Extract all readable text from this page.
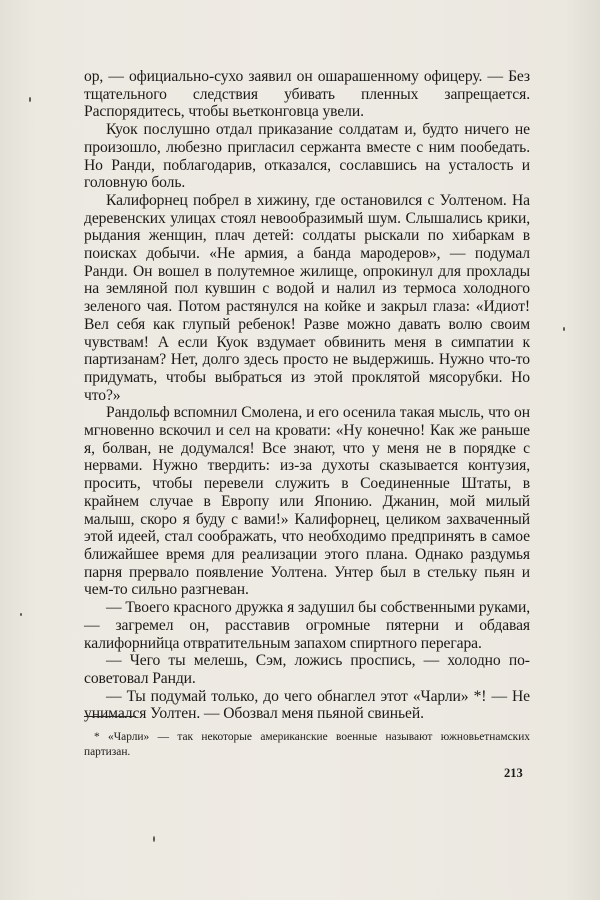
ор, — официально-сухо заявил он ошарашенному офицеру. — Без тщательного следствия убивать пленных запрещается. Распорядитесь, чтобы вьетконговца увели.

Куок послушно отдал приказание солдатам и, будто ничего не произошло, любезно пригласил сержанта вместе с ним пообедать. Но Ранди, поблагодарив, отказался, сославшись на усталость и головную боль.

Калифорнец побрел в хижину, где остановился с Уолтеном. На деревенских улицах стоял невообразимый шум. Слышались крики, рыдания женщин, плач детей: солдаты рыскали по хибаркам в поисках добычи. «Не армия, а банда мародеров», — подумал Ранди. Он вошел в полутемное жилище, опрокинул для прохлады на земляной пол кувшин с водой и налил из термоса холодного зеленого чая. Потом растянулся на койке и закрыл глаза: «Идиот! Вел себя как глупый ребенок! Разве можно давать волю своим чувствам! А если Куок вздумает обвинить меня в симпатии к партизанам? Нет, долго здесь просто не выдержишь. Нужно что-то придумать, чтобы выбраться из этой проклятой мясорубки. Но что?»

Рандольф вспомнил Смолена, и его осенила такая мысль, что он мгновенно вскочил и сел на кровати: «Ну конечно! Как же раньше я, болван, не додумался! Все знают, что у меня не в порядке с нервами. Нужно твердить: из-за духоты сказывается контузия, просить, чтобы перевели служить в Соединенные Штаты, в крайнем случае в Европу или Японию. Джанин, мой милый малыш, скоро я буду с вами!» Калифорнец, целиком захваченный этой идеей, стал соображать, что необходимо предпринять в самое ближайшее время для реализации этого плана. Однако раздумья парня прервало появление Уолтена. Унтер был в стельку пьян и чем-то сильно разгневан.

— Твоего красного дружка я задушил бы собственными руками, — загремел он, расставив огромные пятерни и обдавая калифорнийца отвратительным запахом спиртного перегара.

— Чего ты мелешь, Сэм, ложись проспись, — холодно посоветовал Ранди.

— Ты подумай только, до чего обнаглел этот «Чарли» *! — Не унимался Уолтен. — Обозвал меня пьяной свиньей.

* «Чарли» — так некоторые американские военные называют южновьетнамских партизан.

213
